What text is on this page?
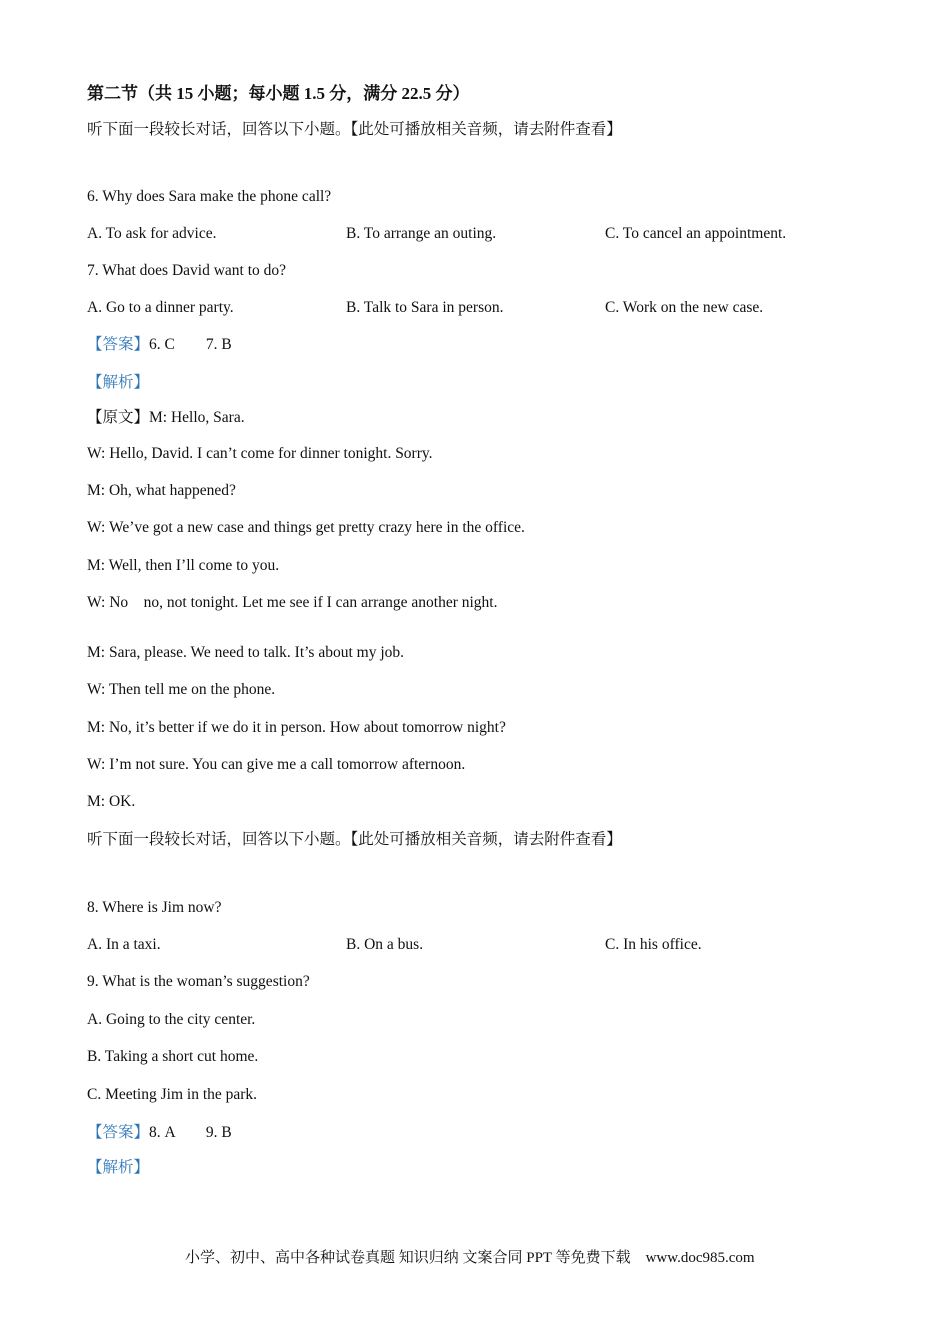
第二节（共 15 小题；每小题 1.5 分，满分 22.5 分）
听下面一段较长对话，回答以下小题。【此处可播放相关音频，请去附件查看】
6. Why does Sara make the phone call?
A. To ask for advice.	B. To arrange an outing.	C. To cancel an appointment.
7. What does David want to do?
A. Go to a dinner party.	B. Talk to Sara in person.	C. Work on the new case.
【答案】6. C        7. B
【解析】
【原文】M: Hello, Sara.
W: Hello, David. I can’t come for dinner tonight. Sorry.
M: Oh, what happened?
W: We’ve got a new case and things get pretty crazy here in the office.
M: Well, then I’ll come to you.
W: No    no, not tonight. Let me see if I can arrange another night.
M: Sara, please. We need to talk. It’s about my job.
W: Then tell me on the phone.
M: No, it’s better if we do it in person. How about tomorrow night?
W: I’m not sure. You can give me a call tomorrow afternoon.
M: OK.
听下面一段较长对话，回答以下小题。【此处可播放相关音频，请去附件查看】
8. Where is Jim now?
A. In a taxi.	B. On a bus.	C. In his office.
9. What is the woman’s suggestion?
A. Going to the city center.
B. Taking a short cut home.
C. Meeting Jim in the park.
【答案】8. A        9. B
【解析】
小学、初中、高中各种试卷真题 知识归纳 文案合同 PPT 等免费下载    www.doc985.com
